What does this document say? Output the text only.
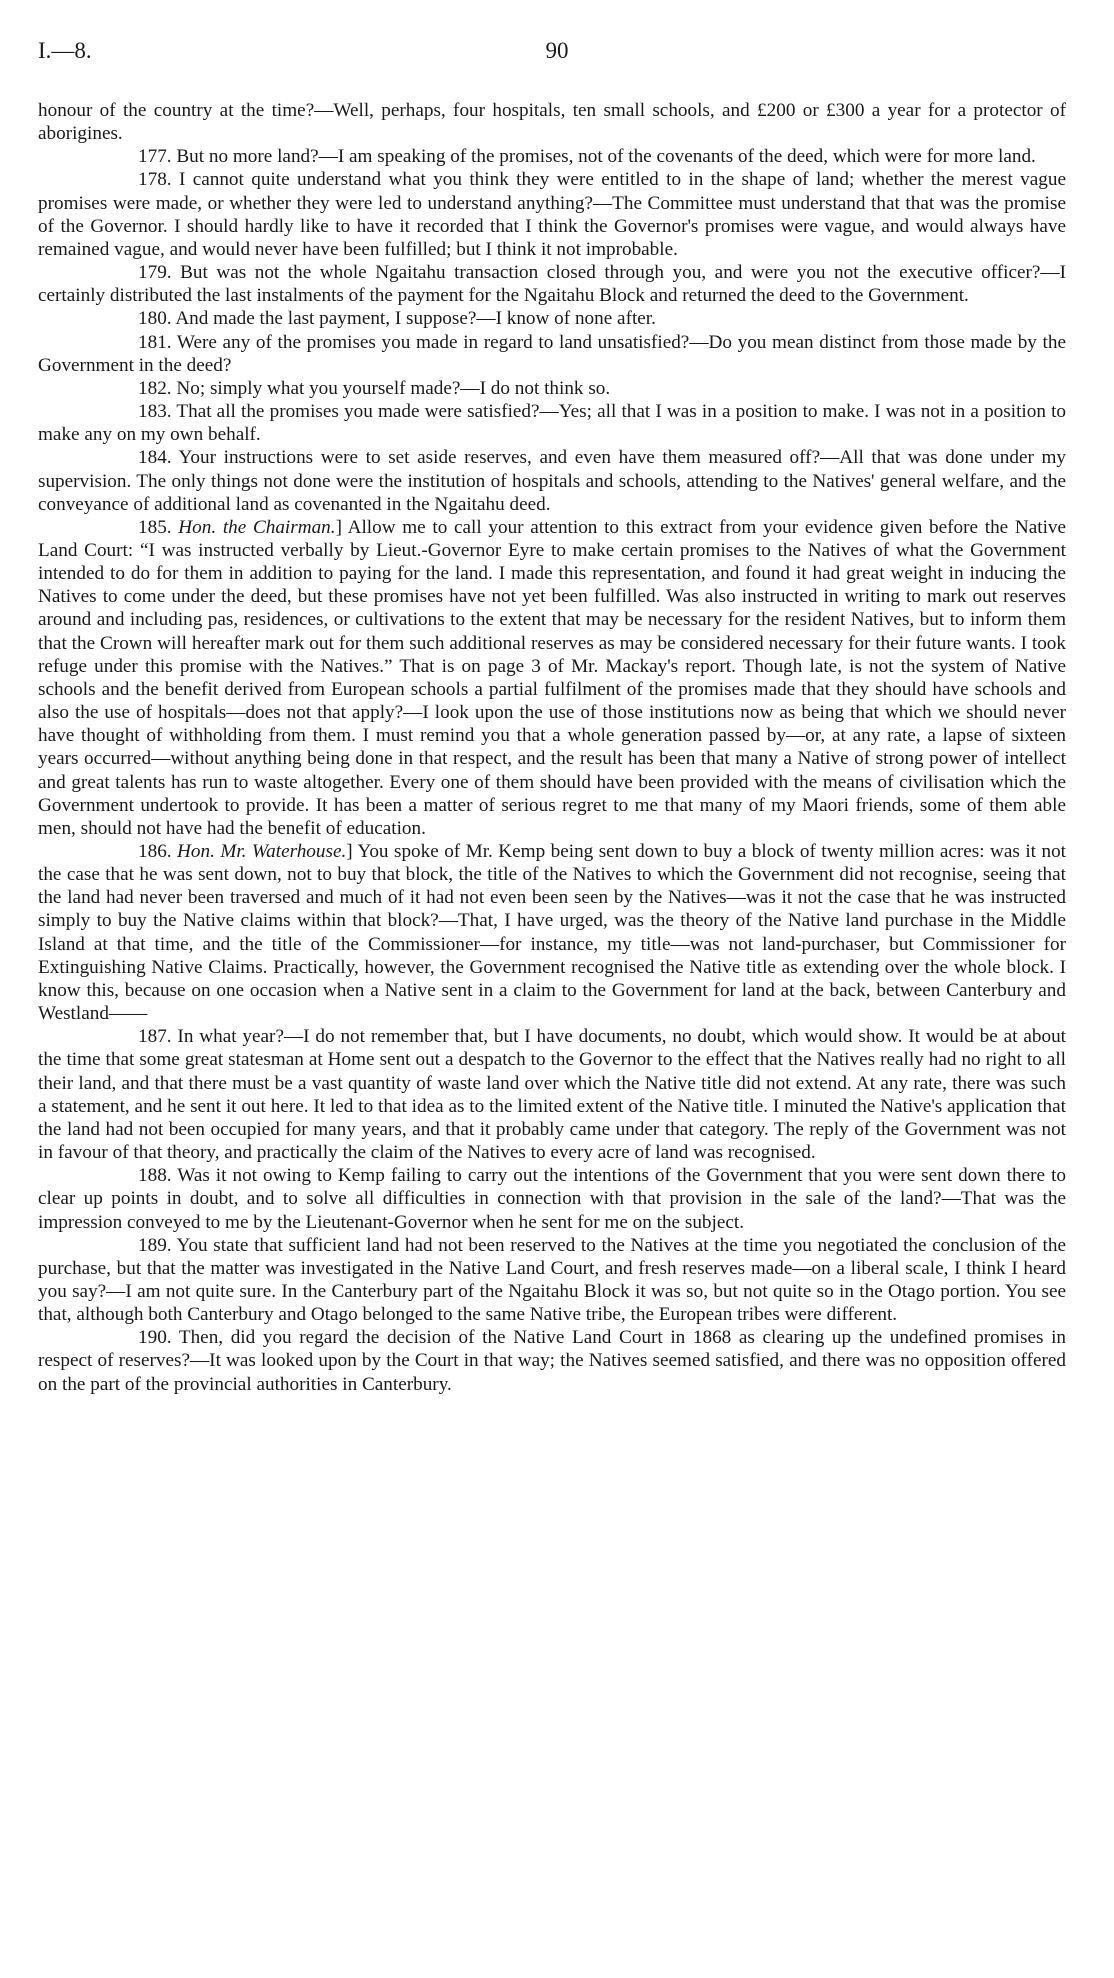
I.—8.	90

honour of the country at the time?—Well, perhaps, four hospitals, ten small schools, and £200 or £300 a year for a protector of aborigines.

177. But no more land?—I am speaking of the promises, not of the covenants of the deed, which were for more land.

178. I cannot quite understand what you think they were entitled to in the shape of land; whether the merest vague promises were made, or whether they were led to understand anything?—The Committee must understand that that was the promise of the Governor. I should hardly like to have it recorded that I think the Governor's promises were vague, and would always have remained vague, and would never have been fulfilled; but I think it not improbable.

179. But was not the whole Ngaitahu transaction closed through you, and were you not the executive officer?—I certainly distributed the last instalments of the payment for the Ngaitahu Block and returned the deed to the Government.

180. And made the last payment, I suppose?—I know of none after.

181. Were any of the promises you made in regard to land unsatisfied?—Do you mean distinct from those made by the Government in the deed?

182. No; simply what you yourself made?—I do not think so.

183. That all the promises you made were satisfied?—Yes; all that I was in a position to make. I was not in a position to make any on my own behalf.

184. Your instructions were to set aside reserves, and even have them measured off?—All that was done under my supervision. The only things not done were the institution of hospitals and schools, attending to the Natives' general welfare, and the conveyance of additional land as covenanted in the Ngaitahu deed.

185. Hon. the Chairman.] Allow me to call your attention to this extract from your evidence given before the Native Land Court: “I was instructed verbally by Lieut.-Governor Eyre to make certain promises to the Natives of what the Government intended to do for them in addition to paying for the land. I made this representation, and found it had great weight in inducing the Natives to come under the deed, but these promises have not yet been fulfilled. Was also instructed in writing to mark out reserves around and including pas, residences, or cultivations to the extent that may be necessary for the resident Natives, but to inform them that the Crown will hereafter mark out for them such additional reserves as may be considered necessary for their future wants. I took refuge under this promise with the Natives.” That is on page 3 of Mr. Mackay's report. Though late, is not the system of Native schools and the benefit derived from European schools a partial fulfilment of the promises made that they should have schools and also the use of hospitals—does not that apply?—I look upon the use of those institutions now as being that which we should never have thought of withholding from them. I must remind you that a whole generation passed by—or, at any rate, a lapse of sixteen years occurred—without anything being done in that respect, and the result has been that many a Native of strong power of intellect and great talents has run to waste altogether. Every one of them should have been provided with the means of civilisation which the Government undertook to provide. It has been a matter of serious regret to me that many of my Maori friends, some of them able men, should not have had the benefit of education.

186. Hon. Mr. Waterhouse.] You spoke of Mr. Kemp being sent down to buy a block of twenty million acres: was it not the case that he was sent down, not to buy that block, the title of the Natives to which the Government did not recognise, seeing that the land had never been traversed and much of it had not even been seen by the Natives—was it not the case that he was instructed simply to buy the Native claims within that block?—That, I have urged, was the theory of the Native land purchase in the Middle Island at that time, and the title of the Commissioner—for instance, my title—was not land-purchaser, but Commissioner for Extinguishing Native Claims. Practically, however, the Government recognised the Native title as extending over the whole block. I know this, because on one occasion when a Native sent in a claim to the Government for land at the back, between Canterbury and Westland——

187. In what year?—I do not remember that, but I have documents, no doubt, which would show. It would be at about the time that some great statesman at Home sent out a despatch to the Governor to the effect that the Natives really had no right to all their land, and that there must be a vast quantity of waste land over which the Native title did not extend. At any rate, there was such a statement, and he sent it out here. It led to that idea as to the limited extent of the Native title. I minuted the Native's application that the land had not been occupied for many years, and that it probably came under that category. The reply of the Government was not in favour of that theory, and practically the claim of the Natives to every acre of land was recognised.

188. Was it not owing to Kemp failing to carry out the intentions of the Government that you were sent down there to clear up points in doubt, and to solve all difficulties in connection with that provision in the sale of the land?—That was the impression conveyed to me by the Lieutenant-Governor when he sent for me on the subject.

189. You state that sufficient land had not been reserved to the Natives at the time you negotiated the conclusion of the purchase, but that the matter was investigated in the Native Land Court, and fresh reserves made—on a liberal scale, I think I heard you say?—I am not quite sure. In the Canterbury part of the Ngaitahu Block it was so, but not quite so in the Otago portion. You see that, although both Canterbury and Otago belonged to the same Native tribe, the European tribes were different.

190. Then, did you regard the decision of the Native Land Court in 1868 as clearing up the undefined promises in respect of reserves?—It was looked upon by the Court in that way; the Natives seemed satisfied, and there was no opposition offered on the part of the provincial authorities in Canterbury.
